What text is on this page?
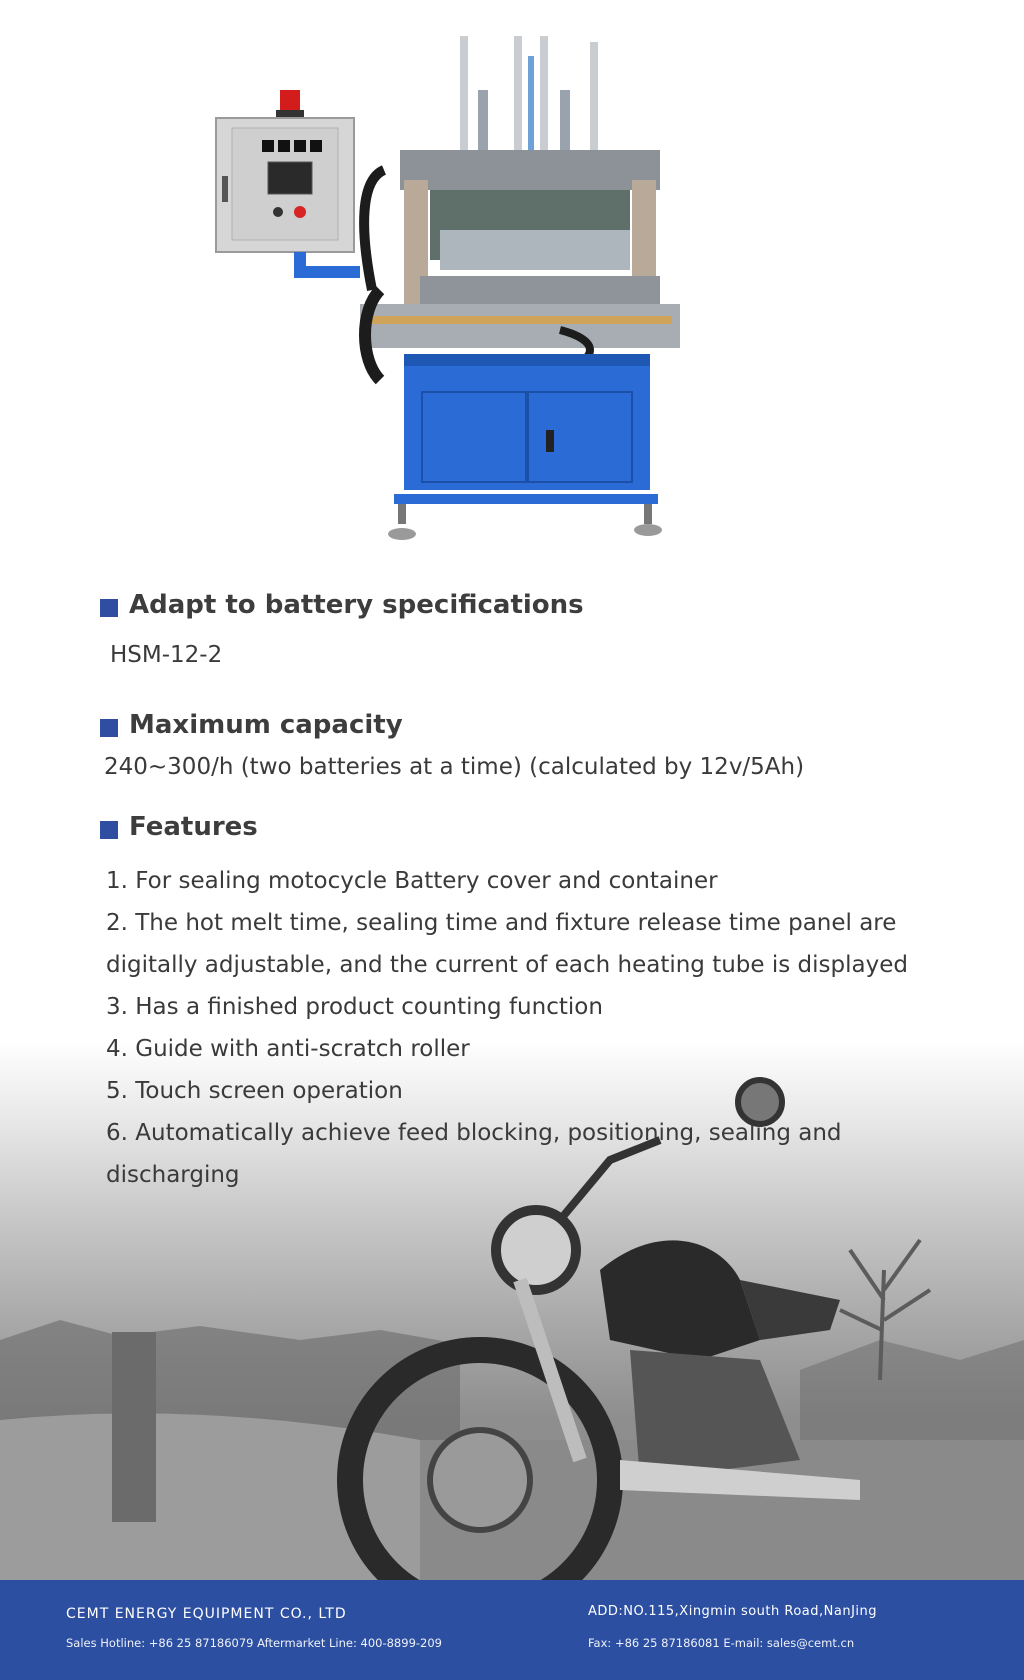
Adapt to battery specifications
HSM-12-2
Maximum capacity
240~300/h (two batteries at a time) (calculated by 12v/5Ah)
Features
1. For sealing motocycle Battery cover and container
2. The hot melt time, sealing time and fixture release time panel are
digitally adjustable, and the current of each heating tube is displayed
3. Has a finished product counting function
4. Guide with anti-scratch roller
5. Touch screen operation
6. Automatically achieve feed blocking, positioning, sealing and
discharging
CEMT ENERGY EQUIPMENT CO., LTD
Sales Hotline: +86 25 87186079 Aftermarket Line: 400-8899-209
ADD:NO.115,Xingmin south Road,NanJing
Fax: +86 25 87186081 E-mail: sales@cemt.cn
